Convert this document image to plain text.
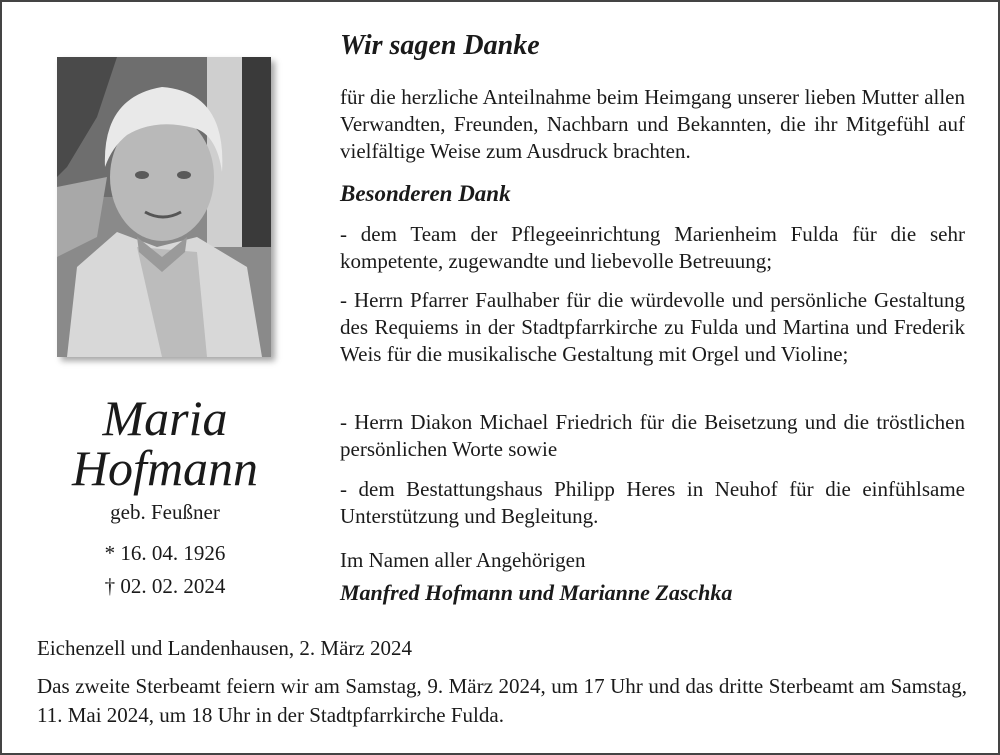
Maria
Hofmann
geb. Feußner
* 16. 04. 1926
† 02. 02. 2024
Wir sagen Danke
für die herzliche Anteilnahme beim Heimgang unserer lieben Mutter allen Verwandten, Freunden, Nachbarn und Bekannten, die ihr Mitgefühl auf vielfältige Weise zum Ausdruck brachten.
Besonderen Dank
- dem Team der Pflegeeinrichtung Marienheim Fulda für die sehr kompetente, zugewandte und liebevolle Betreuung;
- Herrn Pfarrer Faulhaber für die würdevolle und persönliche Gestaltung des Requiems in der Stadtpfarrkirche zu Fulda und Martina und Frederik Weis für die musikalische Gestaltung mit Orgel und Violine;
- Herrn Diakon Michael Friedrich für die Beisetzung und die tröstlichen persönlichen Worte sowie
- dem Bestattungshaus Philipp Heres in Neuhof für die einfühlsame Unterstützung und Begleitung.
Im Namen aller Angehörigen
Manfred Hofmann und Marianne Zaschka
Eichenzell und Landenhausen, 2. März 2024
Das zweite Sterbeamt feiern wir am Samstag, 9. März 2024, um 17 Uhr und das dritte Sterbeamt am Samstag, 11. Mai 2024, um 18 Uhr in der Stadtpfarrkirche Fulda.
